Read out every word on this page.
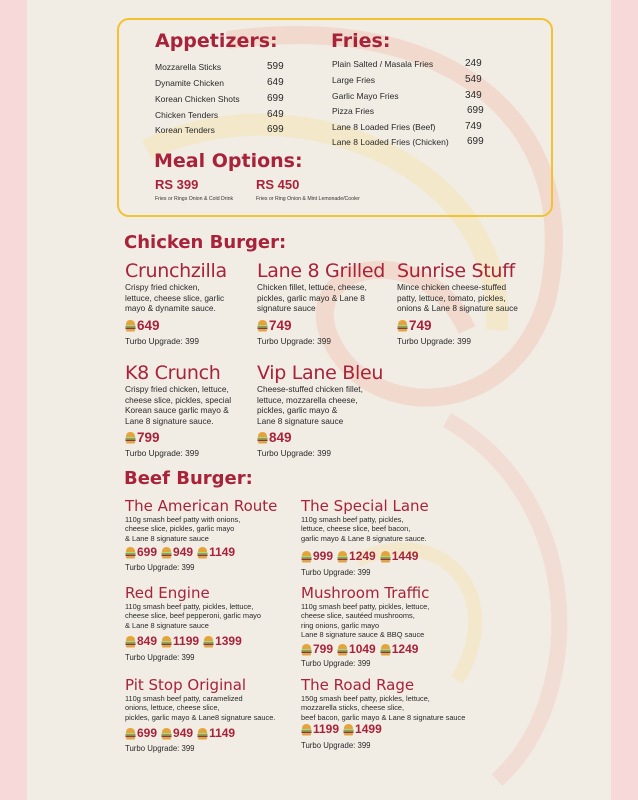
Appetizers:
Mozzarella Sticks	599
Dynamite Chicken	649
Korean Chicken Shots	699
Chicken Tenders	649
Korean Tenders	699
Fries:
Plain Salted / Masala Fries	249
Large Fries	549
Garlic Mayo Fries	349
Pizza Fries	699
Lane 8 Loaded Fries (Beef)	749
Lane 8 Loaded Fries (Chicken) 699
Meal Options:
RS 399
Fries or Rings Onion & Cold Drink
RS 450
Fries or Ring Onion & Mint Lemonade/Cooler
Chicken Burger:
Crunchzilla
Crispy fried chicken,
lettuce, cheese slice, garlic
mayo & dynamite sauce.
649
Turbo Upgrade: 399
Lane 8 Grilled
Chicken fillet, lettuce, cheese,
pickles, garlic mayo & Lane 8
signature sauce
749
Turbo Upgrade: 399
Sunrise Stuff
Mince chicken cheese-stuffed
patty, lettuce, tomato, pickles,
onions & Lane 8 signature sauce
749
Turbo Upgrade: 399
K8 Crunch
Crispy fried chicken, lettuce,
cheese slice, pickles, special
Korean sauce garlic mayo &
Lane 8 signature sauce.
799
Turbo Upgrade: 399
Vip Lane Bleu
Cheese-stuffed chicken fillet,
lettuce, mozzarella cheese,
pickles, garlic mayo &
Lane 8 signature sauce
849
Turbo Upgrade: 399
Beef Burger:
The American Route
110g smash beef patty with onions,
cheese slice, pickles, garlic mayo
& Lane 8 signature sauce
699 949 1149
Turbo Upgrade: 399
The Special Lane
110g smash beef patty, pickles,
lettuce, cheese slice, beef bacon,
garlic mayo & Lane 8 signature sauce.
999 1249 1449
Turbo Upgrade: 399
Red Engine
110g smash beef patty, pickles, lettuce,
cheese slice, beef pepperoni, garlic mayo
& Lane 8 signature sauce
849 1199 1399
Turbo Upgrade: 399
Mushroom Traffic
110g smash beef patty, pickles, lettuce,
cheese slice, sautéed mushrooms,
ring onions, garlic mayo
Lane 8 signature sauce & BBQ sauce
799 1049 1249
Turbo Upgrade: 399
Pit Stop Original
110g smash beef patty, caramelized
onions, lettuce, cheese slice,
pickles, garlic mayo & Lane8 signature sauce.
699 949 1149
Turbo Upgrade: 399
The Road Rage
150g smash beef patty, pickles, lettuce,
mozzarella sticks, cheese slice,
beef bacon, garlic mayo & Lane 8 signature sauce
1199 1499
Turbo Upgrade: 399
